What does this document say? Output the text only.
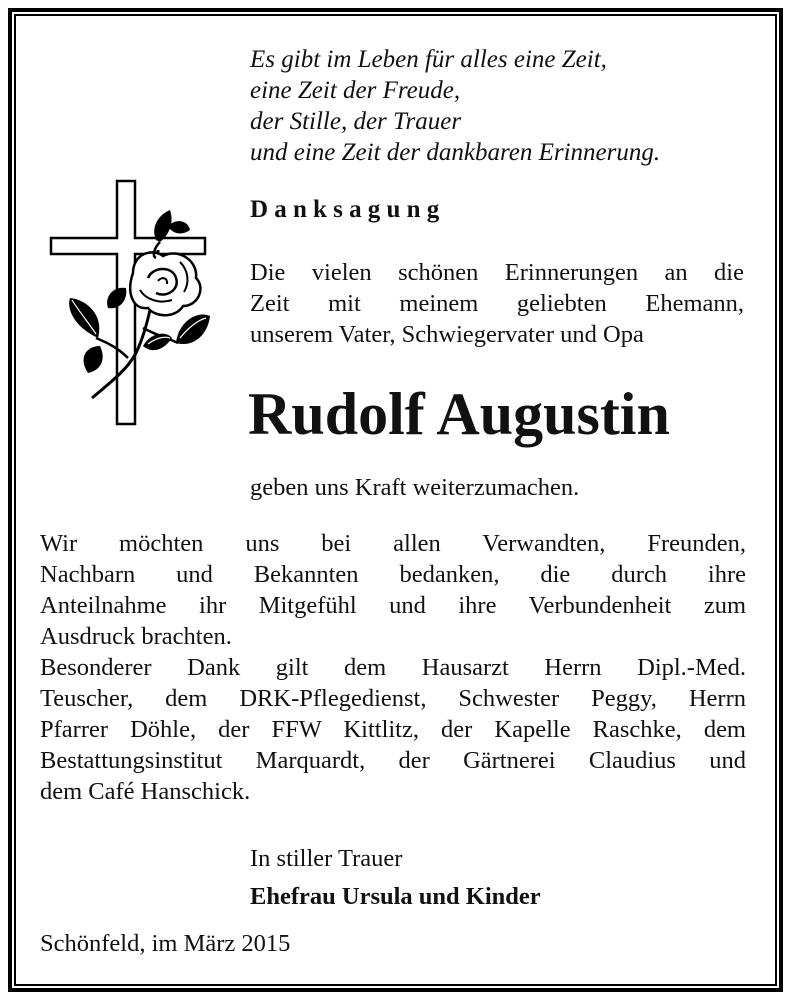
Es gibt im Leben für alles eine Zeit,
eine Zeit der Freude,
der Stille, der Trauer
und eine Zeit der dankbaren Erinnerung.
Danksagung
Die vielen schönen Erinnerungen an die
Zeit mit meinem geliebten Ehemann,
unserem Vater, Schwiegervater und Opa
Rudolf Augustin
geben uns Kraft weiterzumachen.
Wir möchten uns bei allen Verwandten, Freunden,
Nachbarn und Bekannten bedanken, die durch ihre
Anteilnahme ihr Mitgefühl und ihre Verbundenheit zum
Ausdruck brachten.
Besonderer Dank gilt dem Hausarzt Herrn Dipl.-Med.
Teuscher, dem DRK-Pflegedienst, Schwester Peggy, Herrn
Pfarrer Döhle, der FFW Kittlitz, der Kapelle Raschke, dem
Bestattungsinstitut Marquardt, der Gärtnerei Claudius und
dem Café Hanschick.
In stiller Trauer
Ehefrau Ursula und Kinder
Schönfeld, im März 2015
